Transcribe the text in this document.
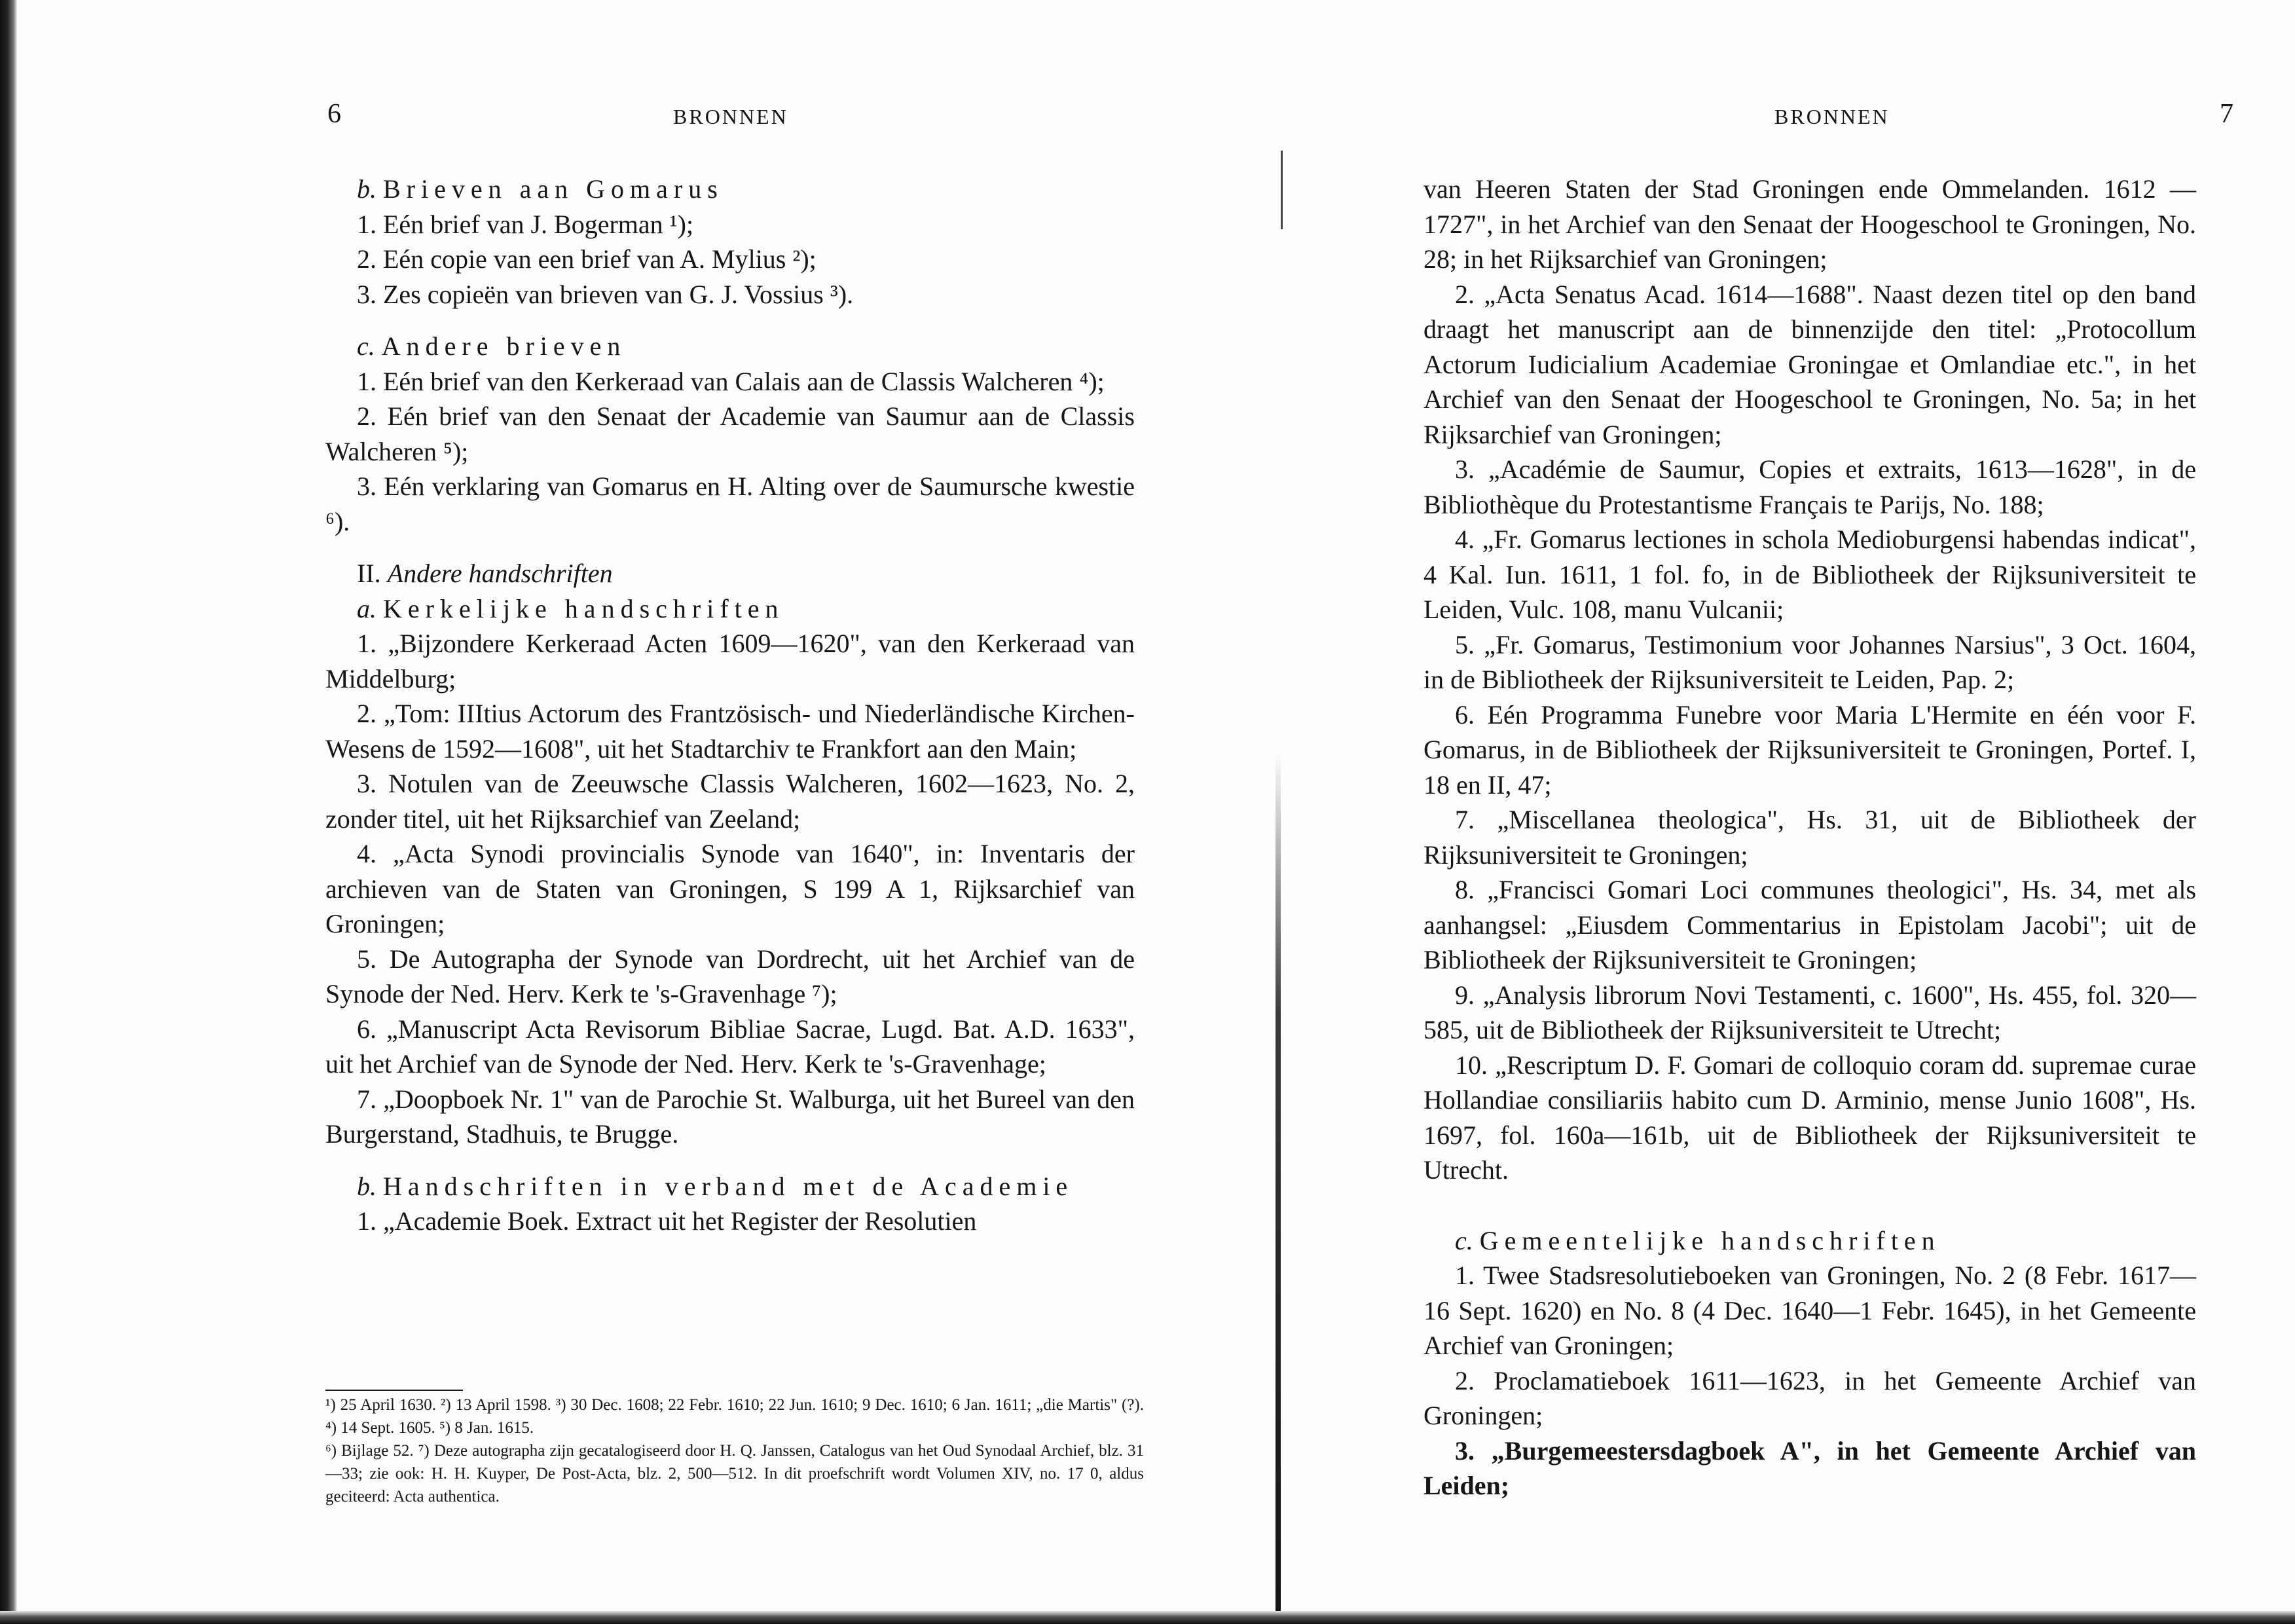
6	BRONNEN

b. Brieven aan Gomarus

1. Eén brief van J. Bogerman ¹);

2. Eén copie van een brief van A. Mylius ²);

3. Zes copieën van brieven van G. J. Vossius ³).

c. Andere brieven

1. Eén brief van den Kerkeraad van Calais aan de Classis Walcheren ⁴);

2. Eén brief van den Senaat der Academie van Saumur aan de Classis Walcheren ⁵);

3. Eén verklaring van Gomarus en H. Alting over de Saumursche kwestie ⁶).

II. Andere handschriften

a. Kerkelijke handschriften

1. „Bijzondere Kerkeraad Acten 1609—1620", van den Kerkeraad van Middelburg;

2. „Tom: IIItius Actorum des Frantzösisch- und Niederländische Kirchen-Wesens de 1592—1608", uit het Stadtarchiv te Frankfort aan den Main;

3. Notulen van de Zeeuwsche Classis Walcheren, 1602—1623, No. 2, zonder titel, uit het Rijksarchief van Zeeland;

4. „Acta Synodi provincialis Synode van 1640", in: Inventaris der archieven van de Staten van Groningen, S 199 A 1, Rijksarchief van Groningen;

5. De Autographa der Synode van Dordrecht, uit het Archief van de Synode der Ned. Herv. Kerk te 's-Gravenhage ⁷);

6. „Manuscript Acta Revisorum Bibliae Sacrae, Lugd. Bat. A.D. 1633", uit het Archief van de Synode der Ned. Herv. Kerk te 's-Gravenhage;

7. „Doopboek Nr. 1" van de Parochie St. Walburga, uit het Bureel van den Burgerstand, Stadhuis, te Brugge.

b. Handschriften in verband met de Academie

1. „Academie Boek. Extract uit het Register der Resolutien

¹) 25 April 1630. ²) 13 April 1598. ³) 30 Dec. 1608; 22 Febr. 1610; 22 Jun. 1610; 9 Dec. 1610; 6 Jan. 1611; „die Martis" (?). ⁴) 14 Sept. 1605. ⁵) 8 Jan. 1615.

⁶) Bijlage 52. ⁷) Deze autographa zijn gecatalogiseerd door H. Q. Janssen, Catalogus van het Oud Synodaal Archief, blz. 31—33; zie ook: H. H. Kuyper, De Post-Acta, blz. 2, 500—512. In dit proefschrift wordt Volumen XIV, no. 17 0, aldus geciteerd: Acta authentica.

BRONNEN	7

van Heeren Staten der Stad Groningen ende Ommelanden. 1612 —1727", in het Archief van den Senaat der Hoogeschool te Groningen, No. 28; in het Rijksarchief van Groningen;

2. „Acta Senatus Acad. 1614—1688". Naast dezen titel op den band draagt het manuscript aan de binnenzijde den titel: „Protocollum Actorum Iudicialium Academiae Groningae et Omlandiae etc.", in het Archief van den Senaat der Hoogeschool te Groningen, No. 5a; in het Rijksarchief van Groningen;

3. „Académie de Saumur, Copies et extraits, 1613—1628", in de Bibliothèque du Protestantisme Français te Parijs, No. 188;

4. „Fr. Gomarus lectiones in schola Medioburgensi habendas indicat", 4 Kal. Iun. 1611, 1 fol. fo, in de Bibliotheek der Rijksuniversiteit te Leiden, Vulc. 108, manu Vulcanii;

5. „Fr. Gomarus, Testimonium voor Johannes Narsius", 3 Oct. 1604, in de Bibliotheek der Rijksuniversiteit te Leiden, Pap. 2;

6. Eén Programma Funebre voor Maria L'Hermite en één voor F. Gomarus, in de Bibliotheek der Rijksuniversiteit te Groningen, Portef. I, 18 en II, 47;

7. „Miscellanea theologica", Hs. 31, uit de Bibliotheek der Rijksuniversiteit te Groningen;

8. „Francisci Gomari Loci communes theologici", Hs. 34, met als aanhangsel: „Eiusdem Commentarius in Epistolam Jacobi"; uit de Bibliotheek der Rijksuniversiteit te Groningen;

9. „Analysis librorum Novi Testamenti, c. 1600", Hs. 455, fol. 320—585, uit de Bibliotheek der Rijksuniversiteit te Utrecht;

10. „Rescriptum D. F. Gomari de colloquio coram dd. supremae curae Hollandiae consiliariis habito cum D. Arminio, mense Junio 1608", Hs. 1697, fol. 160a—161b, uit de Bibliotheek der Rijksuniversiteit te Utrecht.

c. Gemeentelijke handschriften

1. Twee Stadsresolutieboeken van Groningen, No. 2 (8 Febr. 1617—16 Sept. 1620) en No. 8 (4 Dec. 1640—1 Febr. 1645), in het Gemeente Archief van Groningen;

2. Proclamatieboek 1611—1623, in het Gemeente Archief van Groningen;

3. „Burgemeestersdagboek A", in het Gemeente Archief van Leiden;
